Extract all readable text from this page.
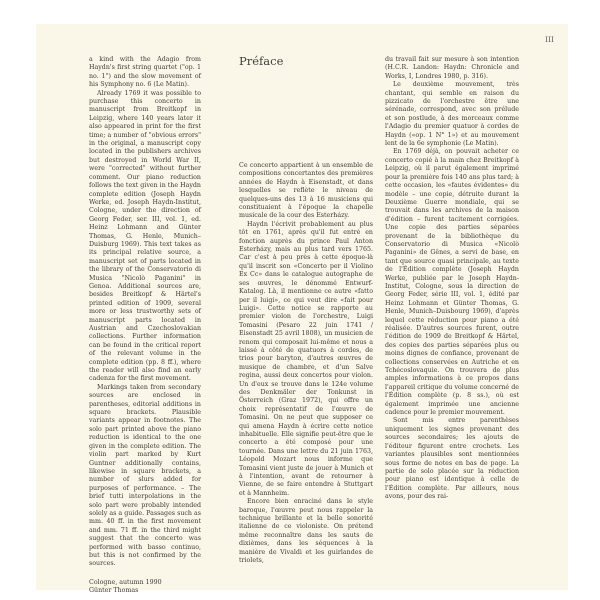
III

a kind with the Adagio from Haydn's first string quartet ("op. 1 no. 1") and the slow movement of his Symphony no. 6 (Le Matin).

Already 1769 it was possible to purchase this concerto in manuscript from Breitkopf in Leipzig, where 140 years later it also appeared in print for the first time; a number of "obvious errors" in the original, a manuscript copy located in the publishers archives but destroyed in World War II, were "corrected" without further comment. Our piano reduction follows the text given in the Haydn complete edition (Joseph Haydn Werke, ed. Joseph Haydn-Institut, Cologne, under the direction of Georg Feder, ser. III, vol. 1, ed. Heinz Lohmann and Günter Thomas, G. Henle, Munich–Duisburg 1969). This text takes as its principal relative source, a manuscript set of parts located in the library of the Conservatorio di Musica "Nicolò Paganini" in Genoa. Additional sources are, besides Breitkopf & Härtel's printed edition of 1909, several more or less trustworthy sets of manuscript parts located in Austrian and Czechoslovakian collections. Further information can be found in the critical report of the relevant volume in the complete edition (pp. 8 ff.), where the reader will also find an early cadenza for the first movement.

Markings taken from secondary sources are enclosed in parentheses, editorial additions in square brackets. Plausible variants appear in footnotes. The solo part printed above the piano reduction is identical to the one given in the complete edition. The violin part marked by Kurt Guntner additionally contains, likewise in square brackets, a number of slurs added for purposes of performance. – The brief tutti interpolations in the solo part were probably intended solely as a guide. Passages such as mm. 40 ff. in the first movement and mm. 71 ff. in the third might suggest that the concerto was performed with basso continuo, but this is not confirmed by the sources.

Cologne, autumn 1990
Günter Thomas
Préface

Ce concerto appartient à un ensemble de compositions concertantes des premières années de Haydn à Eisenstadt, et dans lesquelles se reflète le niveau de quelques-uns des 13 à 16 musiciens qui constituaient à l'époque la chapelle musicale de la cour des Esterházy.

Haydn l'écrivit probablement au plus tôt en 1761, après qu'il fut entré en fonction auprès du prince Paul Anton Esterházy, mais au plus tard vers 1765. Car c'est à peu près à cette époque-là qu'il inscrit son «Concerto per il Violino Ex Cc» dans le catalogue autographe de ses œuvres, le dénommé Entwurf-Katalog. Là, il mentionne ce autre «fatto per il luigi», ce qui veut dire «fait pour Luigi». Cette notice se rapporte au premier violon de l'orchestre, Luigi Tomasini (Pesaro 22 juin 1741 / Eisenstadt 25 avril 1808), un musicien de renom qui composait lui-même et nous a laissé à côté de quatuors à cordes, de trios pour baryton, d'autres œuvres de musique de chambre, et d'un Salve regina, aussi deux concertos pour violon. Un d'eux se trouve dans le 124e volume des Denkmäler der Tonkunst in Österreich (Graz 1972), qui offre un choix représentatif de l'œuvre de Tomasini. On ne peut que supposer ce qui amena Haydn à écrire cette notice inhabituelle. Elle signifie peut-être que le concerto a été composé pour une tournée. Dans une lettre du 21 juin 1763, Léopold Mozart nous informe que Tomasini vient juste de jouer à Munich et à l'intention, avant de retourner à Vienne, de se faire entendre à Stuttgart et à Mannheim.

Encore bien enraciné dans le style baroque, l'œuvre peut nous rappeler la technique brillante et la belle sonorité italienne de ce violoniste. On prétend même reconnaître dans les sauts de dixièmes, dans les séquences à la manière de Vivaldi et les guirlandes de triolets,

du travail fait sur mesure à son intention (H.C.R. Landon: Haydn: Chronicle and Works, I, Londres 1980, p. 316).

Le deuxième mouvement, très chantant, qui semble en raison du pizzicato de l'orchestre être une sérénade, correspond, avec son prélude et son postlude, à des morceaux comme l'Adagio du premier quatuor à cordes de Haydn («op. 1 N° 1») et au mouvement lent de la 6e symphonie (Le Matin).

En 1769 déjà, on pouvait acheter ce concerto copié à la main chez Breitkopf à Leipzig, où il parut également imprimé pour la première fois 140 ans plus tard; à cette occasion, les «fautes évidentes» du modèle – une copie, détruite durant la Deuxième Guerre mondiale, qui se trouvait dans les archives de la maison d'édition – furent tacitement corrigées. Une copie des parties séparées provenant de la bibliothèque du Conservatorio di Musica «Nicolò Paganini» de Gênes, a servi de base, en tant que source quasi principale, au texte de l'Édition complète (Joseph Haydn Werke, publiée par le Joseph Haydn-Institut, Cologne, sous la direction de Georg Feder, série III, vol. 1, édité par Heinz Lohmann et Günter Thomas, G. Henle, Munich–Duisbourg 1969), d'après lequel cette réduction pour piano a été réalisée. D'autres sources furent, outre l'édition de 1909 de Breitkopf & Härtel, des copies des parties séparées plus ou moins dignes de confiance, provenant de collections conservées en Autriche et en Tchécoslovaquie. On trouvera de plus amples informations à ce propos dans l'appareil critique du volume concerné de l'Édition complète (p. 8 ss.), où est également imprimée une ancienne cadence pour le premier mouvement.

Sont mis entre parenthèses uniquement les signes provenant des sources secondaires; les ajouts de l'éditeur figurent entre crochets. Les variantes plausibles sont mentionnées sous forme de notes en bas de page. La partie de solo placée sur la réduction pour piano est identique à celle de l'Édition complète. Par ailleurs, nous avons, pour des rai-
